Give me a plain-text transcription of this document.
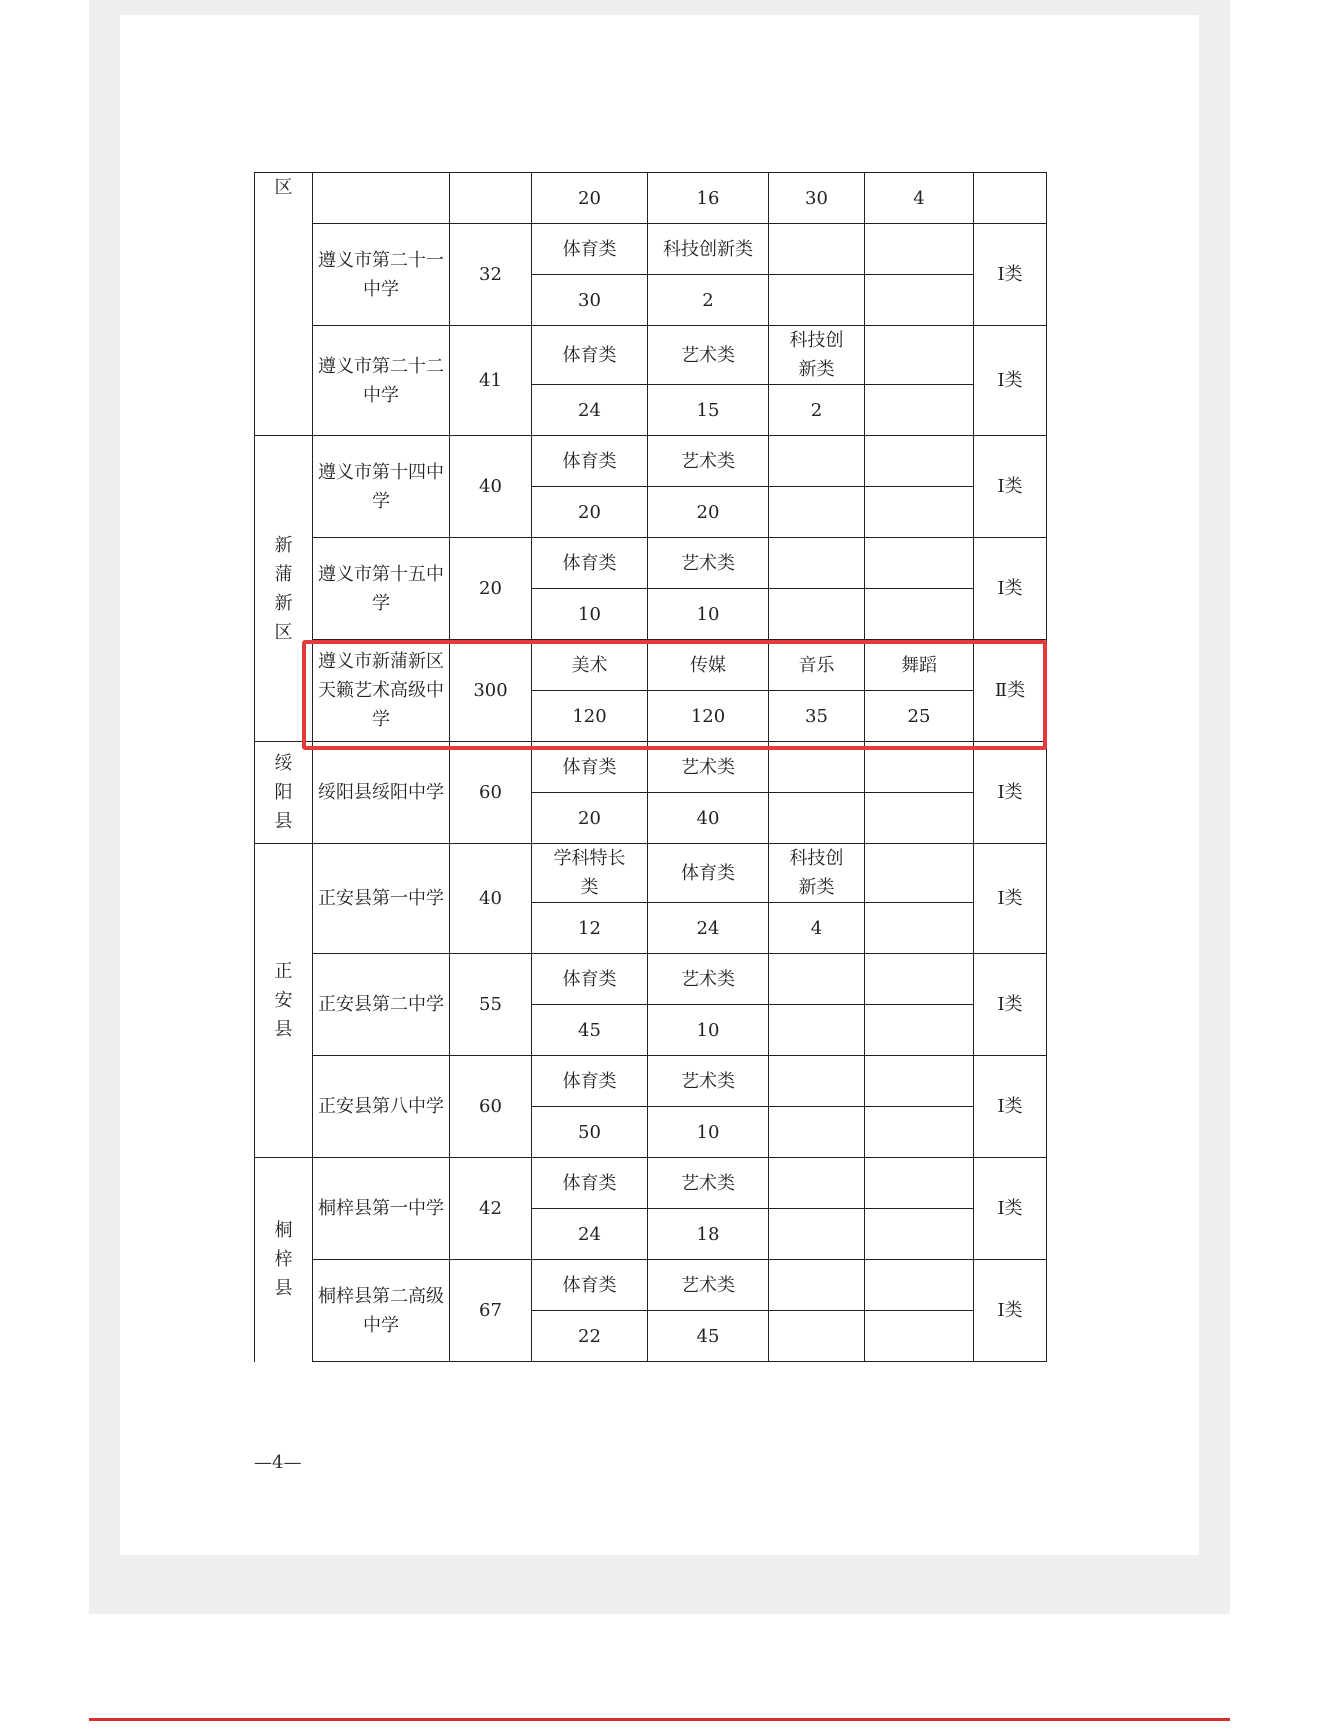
区			20	16	30	4	
	遵义市第二十一中学	32	体育类	科技创新类			Ⅰ类
			30	2			
	遵义市第二十二中学	41	体育类	艺术类	科技创新类		Ⅰ类
			24	15	2		
新蒲新区	遵义市第十四中学	40	体育类	艺术类			Ⅰ类
			20	20			
	遵义市第十五中学	20	体育类	艺术类			Ⅰ类
			10	10			
	遵义市新蒲新区天籁艺术高级中学	300	美术	传媒	音乐	舞蹈	Ⅱ类
			120	120	35	25	
绥阳县	绥阳县绥阳中学	60	体育类	艺术类			Ⅰ类
			20	40			
正安县	正安县第一中学	40	学科特长类	体育类	科技创新类		Ⅰ类
			12	24	4		
	正安县第二中学	55	体育类	艺术类			Ⅰ类
			45	10			
	正安县第八中学	60	体育类	艺术类			Ⅰ类
			50	10			
桐梓县	桐梓县第一中学	42	体育类	艺术类			Ⅰ类
			24	18			
	桐梓县第二高级中学	67	体育类	艺术类			Ⅰ类
			22	45			
—4—
